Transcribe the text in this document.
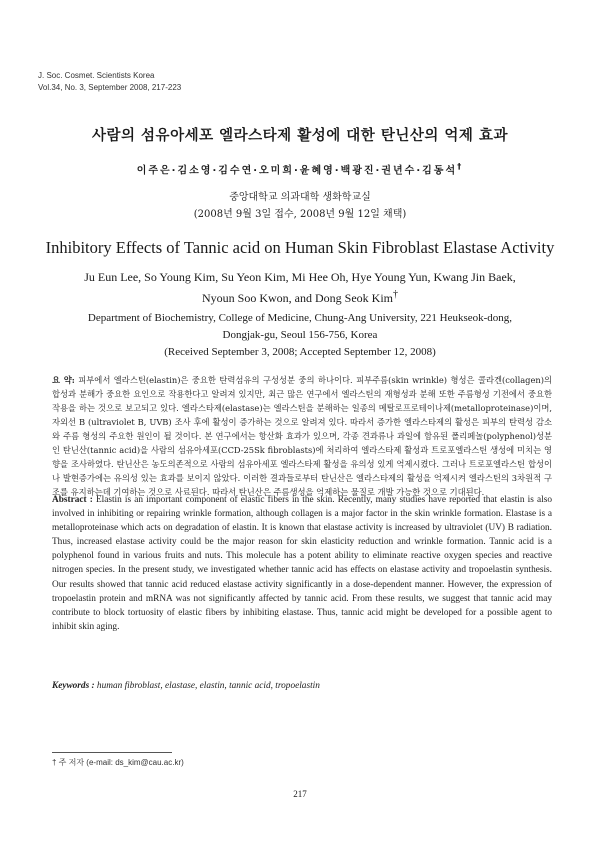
J. Soc. Cosmet. Scientists Korea
Vol.34, No. 3, September 2008, 217-223
사람의 섬유아세포 엘라스타제 활성에 대한 탄닌산의 억제 효과
이주은·김소영·김수연·오미희·윤혜영·백광진·권년수·김동석†
중앙대학교 의과대학 생화학교실
(2008년 9월 3일 접수, 2008년 9월 12일 채택)
Inhibitory Effects of Tannic acid on Human Skin Fibroblast Elastase Activity
Ju Eun Lee, So Young Kim, Su Yeon Kim, Mi Hee Oh, Hye Young Yun, Kwang Jin Baek,
Nyoun Soo Kwon, and Dong Seok Kim†
Department of Biochemistry, College of Medicine, Chung-Ang University, 221 Heukseok-dong,
Dongjak-gu, Seoul 156-756, Korea
(Received September 3, 2008; Accepted September 12, 2008)
요 약: 피부에서 엘라스틴(elastin)은 중요한 탄력섬유의 구성성분 중의 하나이다. 피부주름(skin wrinkle) 형성은 콜라겐(collagen)의 합성과 분해가 중요한 요인으로 작용한다고 알려져 있지만, 최근 많은 연구에서 엘라스틴의 재형성과 분해 또한 주름형성 기전에서 중요한 작용을 하는 것으로 보고되고 있다. 엘라스타제(elastase)는 엘라스틴을 분해하는 일종의 메탈로프로테이나제(metalloproteinase)이며, 자외선 B (ultraviolet B, UVB) 조사 후에 활성이 증가하는 것으로 알려져 있다. 따라서 증가한 엘라스타제의 활성은 피부의 탄력성 감소와 주름 형성의 주요한 원인이 될 것이다. 본 연구에서는 항산화 효과가 있으며, 각종 견과류나 과일에 함유된 폴리페놀(polyphenol)성분인 탄닌산(tannic acid)을 사람의 섬유아세포(CCD-25Sk fibroblasts)에 처리하여 엘라스타제 활성과 트로포엘라스틴 생성에 미치는 영향을 조사하였다. 탄닌산은 농도의존적으로 사람의 섬유아세포 엘라스타제 활성을 유의성 있게 억제시켰다. 그러나 트로포엘라스틴 합성이나 발현증가에는 유의성 있는 효과를 보이지 않았다. 이러한 결과들로부터 탄닌산은 엘라스타제의 활성을 억제시켜 엘라스틴의 3차원적 구조를 유지하는데 기여하는 것으로 사료된다. 따라서 탄닌산은 주름생성을 억제하는 물질로 개발 가능한 것으로 기대된다.
Abstract : Elastin is an important component of elastic fibers in the skin. Recently, many studies have reported that elastin is also involved in inhibiting or repairing wrinkle formation, although collagen is a major factor in the skin wrinkle formation. Elastase is a metalloproteinase which acts on degradation of elastin. It is known that elastase activity is increased by ultraviolet (UV) B radiation. Thus, increased elastase activity could be the major reason for skin elasticity reduction and wrinkle formation. Tannic acid is a polyphenol found in various fruits and nuts. This molecule has a potent ability to eliminate reactive oxygen species and reactive nitrogen species. In the present study, we investigated whether tannic acid has effects on elastase activity and tropoelastin synthesis. Our results showed that tannic acid reduced elastase activity significantly in a dose-dependent manner. However, the expression of tropoelastin protein and mRNA was not significantly affected by tannic acid. From these results, we suggest that tannic acid may contribute to block tortuosity of elastic fibers by inhibiting elastase. Thus, tannic acid might be developed for a possible agent to inhibit skin aging.
Keywords : human fibroblast, elastase, elastin, tannic acid, tropoelastin
† 주 저자 (e-mail: ds_kim@cau.ac.kr)
217
